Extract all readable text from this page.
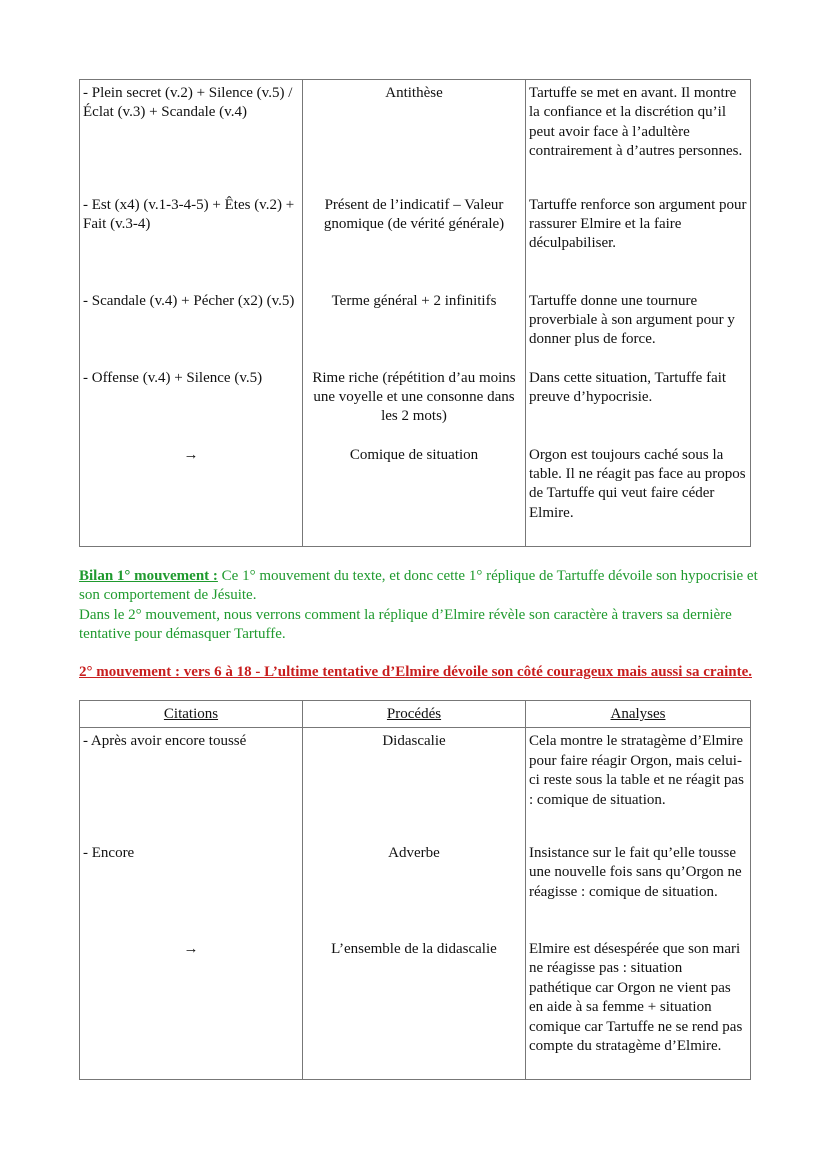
- Plein secret (v.2) + Silence (v.5) / Éclat (v.3) + Scandale (v.4)	Antithèse	Tartuffe se met en avant. Il montre la confiance et la discrétion qu’il peut avoir face à l’adultère contrairement à d’autres personnes.

- Est (x4) (v.1-3-4-5) + Êtes (v.2) + Fait (v.3-4)	Présent de l’indicatif – Valeur gnomique (de vérité générale)	Tartuffe renforce son argument pour rassurer Elmire et la faire déculpabiliser.

- Scandale (v.4) + Pécher (x2) (v.5)	Terme général + 2 infinitifs	Tartuffe donne une tournure proverbiale à son argument pour y donner plus de force.

- Offense (v.4) + Silence (v.5)	Rime riche (répétition d’au moins une voyelle et une consonne dans les 2 mots)	Dans cette situation, Tartuffe fait preuve d’hypocrisie.

→	Comique de situation	Orgon est toujours caché sous la table. Il ne réagit pas face au propos de Tartuffe qui veut faire céder Elmire.

Bilan 1° mouvement : Ce 1° mouvement du texte, et donc cette 1° réplique de Tartuffe dévoile son hypocrisie et son comportement de Jésuite.

Dans le 2° mouvement, nous verrons comment la réplique d’Elmire révèle son caractère à travers sa dernière tentative pour démasquer Tartuffe.

2° mouvement : vers 6 à 18 - L’ultime tentative d’Elmire dévoile son côté courageux mais aussi sa crainte.
Citations	Procédés	Analyses

- Après avoir encore toussé	Didascalie	Cela montre le stratagème d’Elmire pour faire réagir Orgon, mais celui-ci reste sous la table et ne réagit pas : comique de situation.

- Encore	Adverbe	Insistance sur le fait qu’elle tousse une nouvelle fois sans qu’Orgon ne réagisse : comique de situation.

→	L’ensemble de la didascalie	Elmire est désespérée que son mari ne réagisse pas : situation pathétique car Orgon ne vient pas en aide à sa femme + situation comique car Tartuffe ne se rend pas compte du stratagème d’Elmire.
